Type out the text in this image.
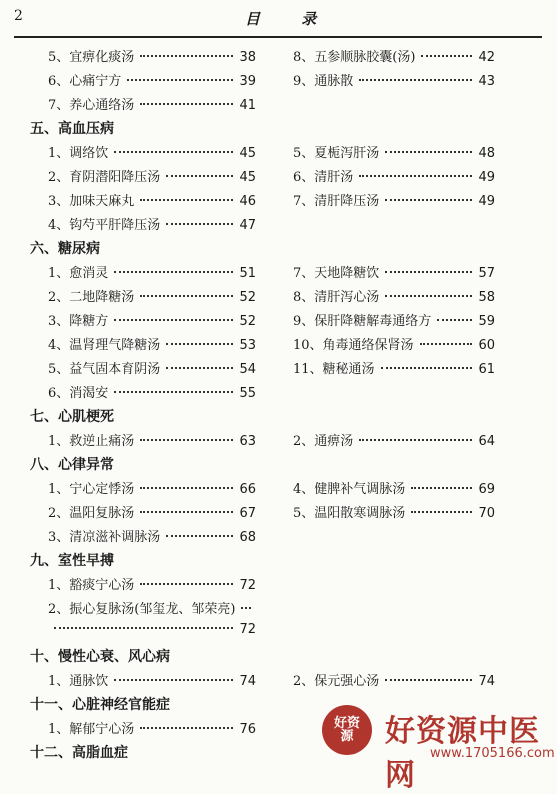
2	目 录
5、宜痹化痰汤	38
6、心痛宁方	39
7、养心通络汤	41
8、五参顺脉胶囊(汤)	42
9、通脉散	43
五、高血压病
1、调络饮	45
2、育阴潜阳降压汤	45
3、加味天麻丸	46
4、钩芍平肝降压汤	47
5、夏栀泻肝汤	48
6、清肝汤	49
7、清肝降压汤	49
六、糖尿病
1、愈消灵	51
2、二地降糖汤	52
3、降糖方	52
4、温肾理气降糖汤	53
5、益气固本育阴汤	54
6、消渴安	55
7、天地降糖饮	57
8、清肝泻心汤	58
9、保肝降糖解毒通络方	59
10、角毒通络保肾汤	60
11、糖秘通汤	61
七、心肌梗死
1、救逆止痛汤	63	2、通痹汤	64
八、心律异常
1、宁心定悸汤	66
2、温阳复脉汤	67
3、清凉滋补调脉汤	68
4、健脾补气调脉汤	69
5、温阳散寒调脉汤	70
九、室性早搏
1、豁痰宁心汤	72
2、振心复脉汤(邹玺龙、邹荣亮)
72
十、慢性心衰、风心病
1、通脉饮	74	2、保元强心汤	74
十一、心脏神经官能症
1、解郁宁心汤	76
十二、高脂血症
好资源	好资源中医网
www.1705166.com
